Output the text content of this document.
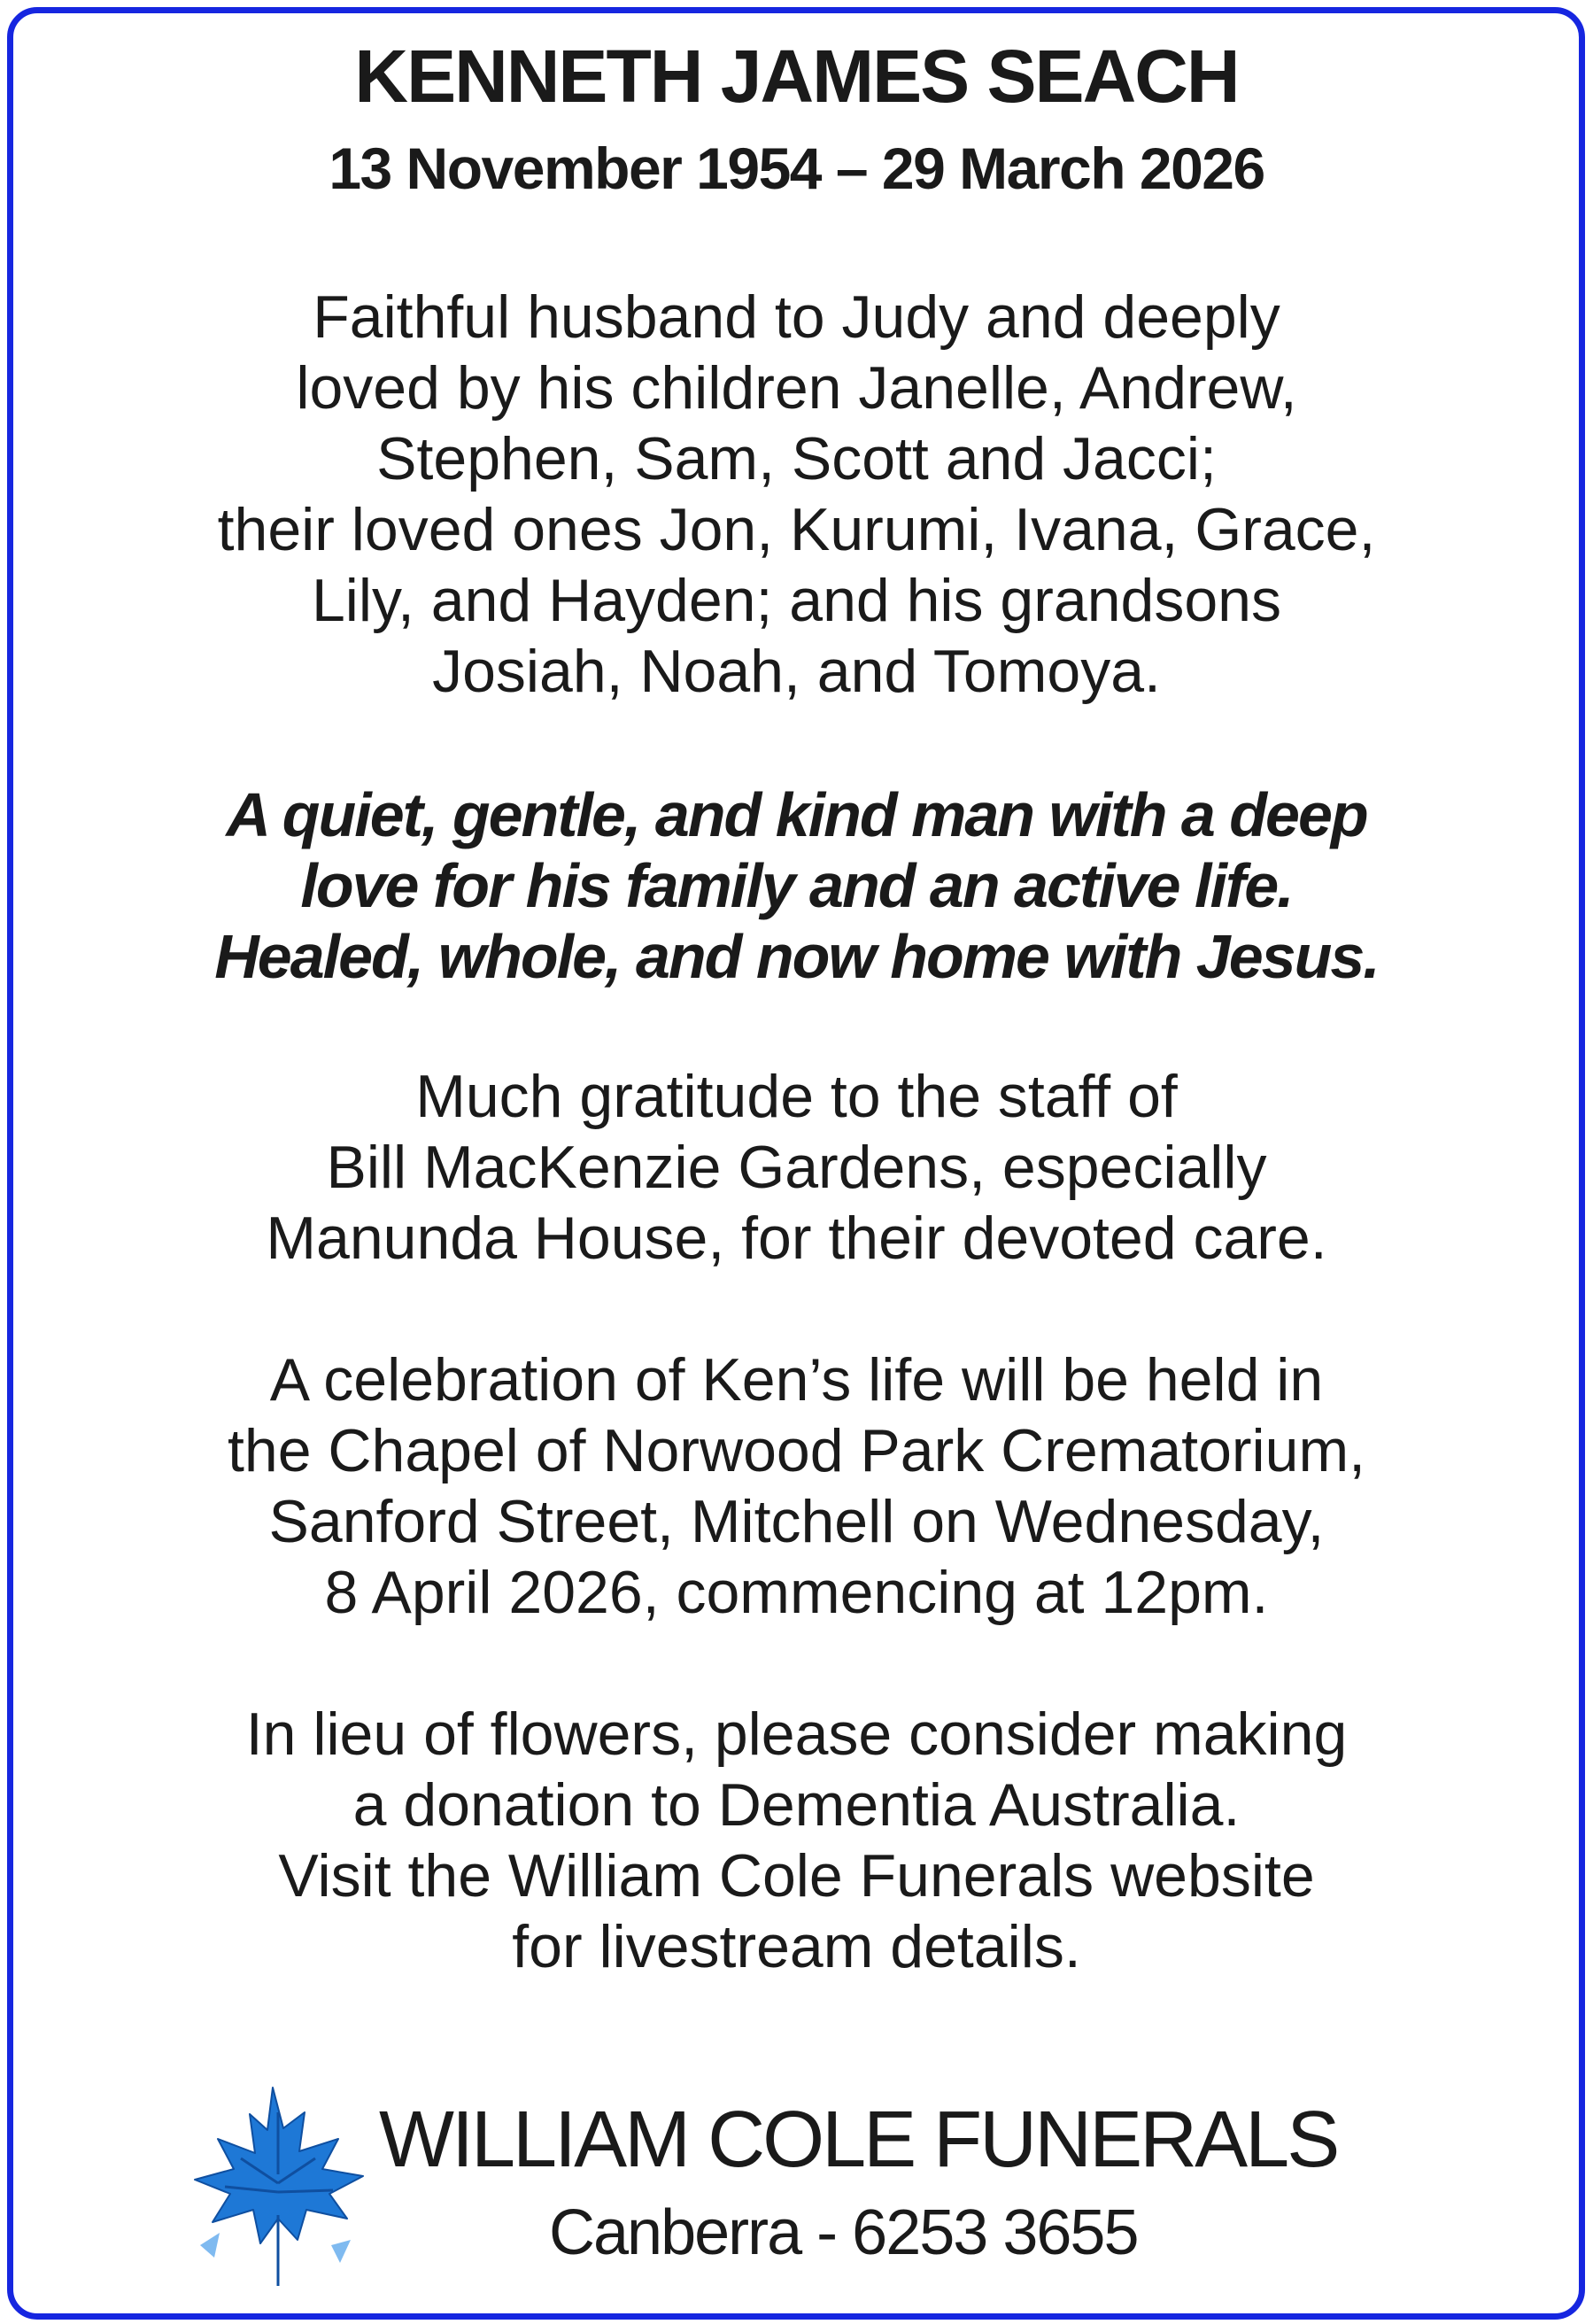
KENNETH JAMES SEACH
13 November 1954 – 29 March 2026
Faithful husband to Judy and deeply
loved by his children Janelle, Andrew,
Stephen, Sam, Scott and Jacci;
their loved ones Jon, Kurumi, Ivana, Grace,
Lily, and Hayden; and his grandsons
Josiah, Noah, and Tomoya.
A quiet, gentle, and kind man with a deep
love for his family and an active life.
Healed, whole, and now home with Jesus.
Much gratitude to the staff of
Bill MacKenzie Gardens, especially
Manunda House, for their devoted care.
A celebration of Ken’s life will be held in
the Chapel of Norwood Park Crematorium,
Sanford Street, Mitchell on Wednesday,
8 April 2026, commencing at 12pm.
In lieu of flowers, please consider making
a donation to Dementia Australia.
Visit the William Cole Funerals website
for livestream details.
WILLIAM COLE FUNERALS
Canberra - 6253 3655
